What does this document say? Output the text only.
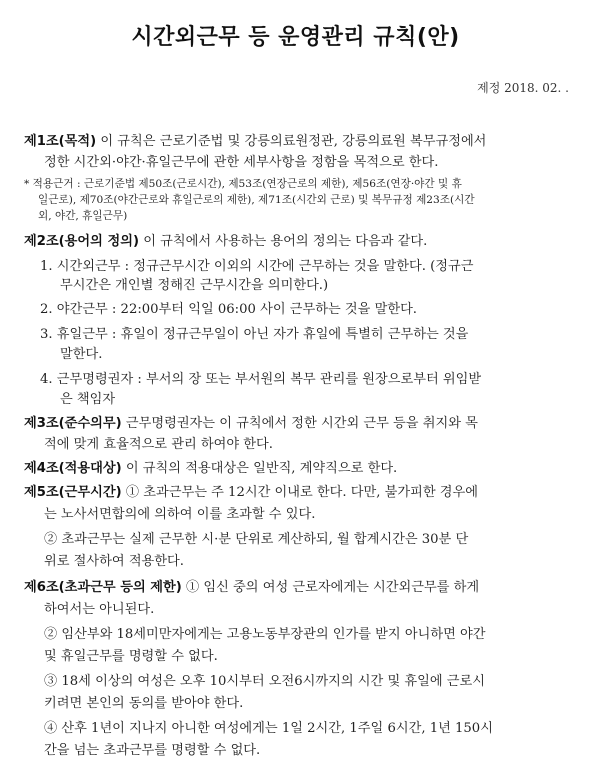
시간외근무 등 운영관리 규칙(안)
제정 2018. 02. .
제1조(목적) 이 규칙은 근로기준법 및 강릉의료원정관, 강릉의료원 복무규정에서
정한 시간외·야간·휴일근무에 관한 세부사항을 정함을 목적으로 한다.
* 적용근거 : 근로기준법 제50조(근로시간), 제53조(연장근로의 제한), 제56조(연장·야간 및 휴
일근로), 제70조(야간근로와 휴일근로의 제한), 제71조(시간외 근로) 및 복무규정 제23조(시간
외, 야간, 휴일근무)
제2조(용어의 정의) 이 규칙에서 사용하는 용어의 정의는 다음과 같다.
1. 시간외근무 : 정규근무시간 이외의 시간에 근무하는 것을 말한다. (정규근
무시간은 개인별 정해진 근무시간을 의미한다.)
2. 야간근무 : 22:00부터 익일 06:00 사이 근무하는 것을 말한다.
3. 휴일근무 : 휴일이 정규근무일이 아닌 자가 휴일에 특별히 근무하는 것을
말한다.
4. 근무명령권자 : 부서의 장 또는 부서원의 복무 관리를 원장으로부터 위임받
은 책임자
제3조(준수의무) 근무명령권자는 이 규칙에서 정한 시간외 근무 등을 취지와 목
적에 맞게 효율적으로 관리 하여야 한다.
제4조(적용대상) 이 규칙의 적용대상은 일반직, 계약직으로 한다.
제5조(근무시간) ① 초과근무는 주 12시간 이내로 한다. 다만, 불가피한 경우에
는 노사서면합의에 의하여 이를 초과할 수 있다.
② 초과근무는 실제 근무한 시·분 단위로 계산하되, 월 합계시간은 30분 단
위로 절사하여 적용한다.
제6조(초과근무 등의 제한) ① 임신 중의 여성 근로자에게는 시간외근무를 하게
하여서는 아니된다.
② 임산부와 18세미만자에게는 고용노동부장관의 인가를 받지 아니하면 야간
및 휴일근무를 명령할 수 없다.
③ 18세 이상의 여성은 오후 10시부터 오전6시까지의 시간 및 휴일에 근로시
키려면 본인의 동의를 받아야 한다.
④ 산후 1년이 지나지 아니한 여성에게는 1일 2시간, 1주일 6시간, 1년 150시
간을 넘는 초과근무를 명령할 수 없다.
